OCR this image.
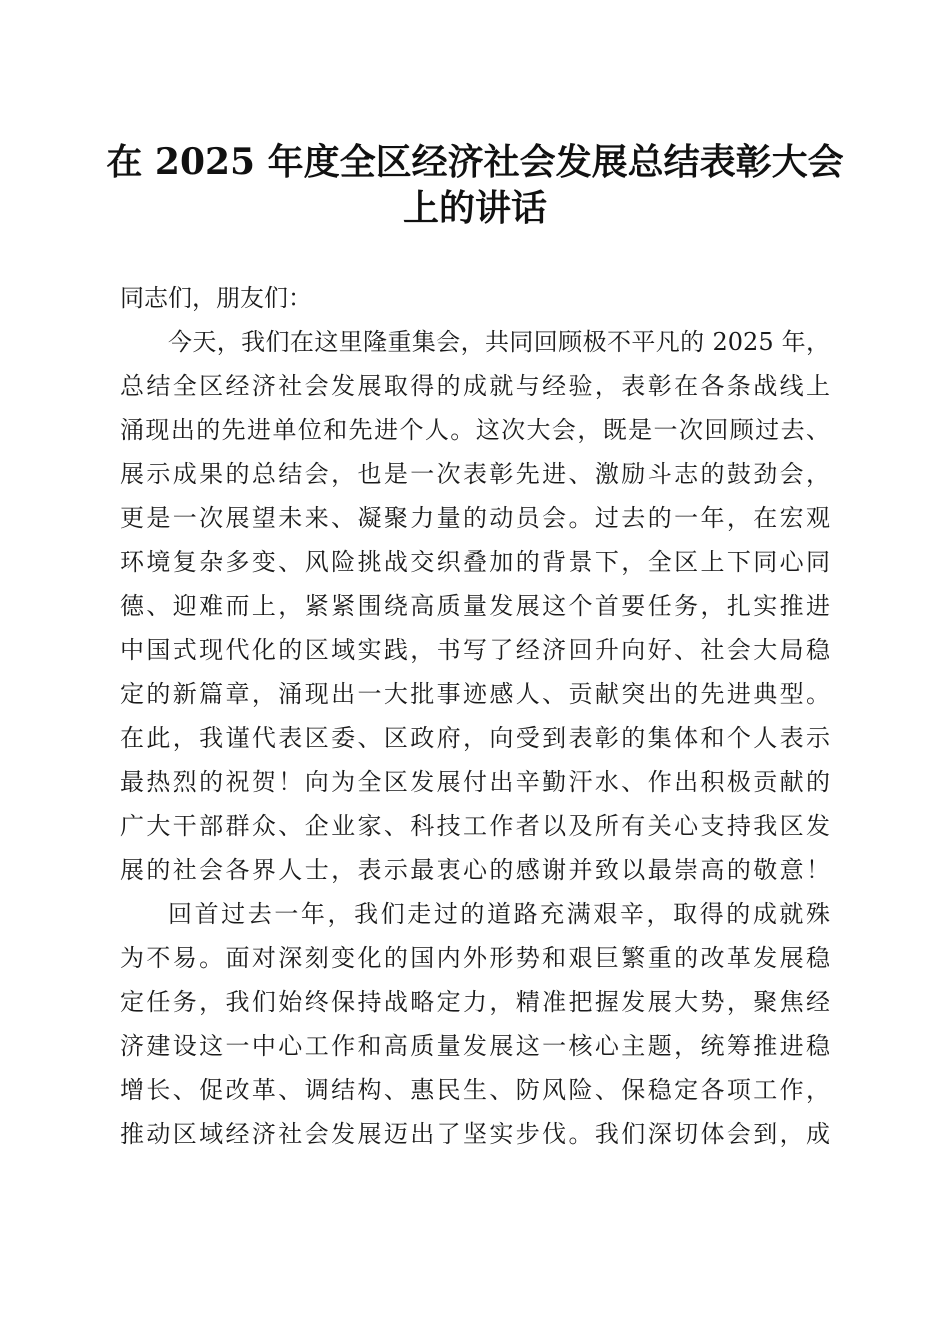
在 2025 年度全区经济社会发展总结表彰大会
上的讲话
同志们，朋友们：
今天，我们在这里隆重集会，共同回顾极不平凡的 2025 年，
总结全区经济社会发展取得的成就与经验，表彰在各条战线上
涌现出的先进单位和先进个人。这次大会，既是一次回顾过去、
展示成果的总结会，也是一次表彰先进、激励斗志的鼓劲会，
更是一次展望未来、凝聚力量的动员会。过去的一年，在宏观
环境复杂多变、风险挑战交织叠加的背景下，全区上下同心同
德、迎难而上，紧紧围绕高质量发展这个首要任务，扎实推进
中国式现代化的区域实践，书写了经济回升向好、社会大局稳
定的新篇章，涌现出一大批事迹感人、贡献突出的先进典型。
在此，我谨代表区委、区政府，向受到表彰的集体和个人表示
最热烈的祝贺！向为全区发展付出辛勤汗水、作出积极贡献的
广大干部群众、企业家、科技工作者以及所有关心支持我区发
展的社会各界人士，表示最衷心的感谢并致以最崇高的敬意！
回首过去一年，我们走过的道路充满艰辛，取得的成就殊
为不易。面对深刻变化的国内外形势和艰巨繁重的改革发展稳
定任务，我们始终保持战略定力，精准把握发展大势，聚焦经
济建设这一中心工作和高质量发展这一核心主题，统筹推进稳
增长、促改革、调结构、惠民生、防风险、保稳定各项工作，
推动区域经济社会发展迈出了坚实步伐。我们深切体会到，成
